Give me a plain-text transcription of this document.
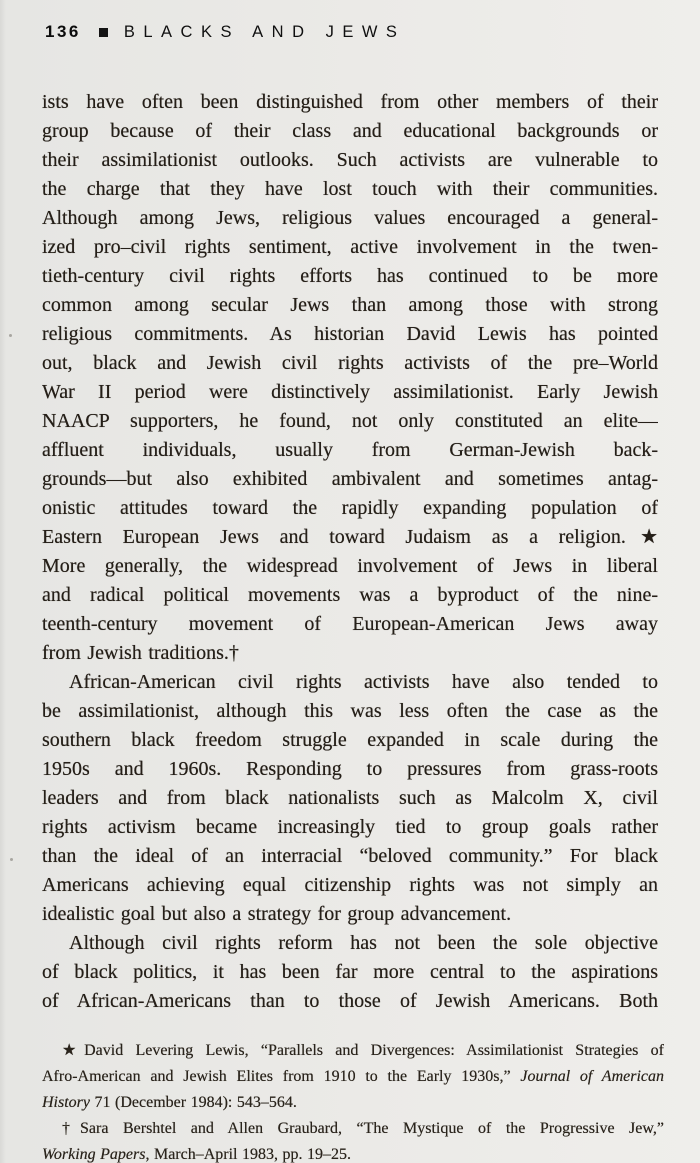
136	BLACKS AND JEWS
ists have often been distinguished from other members of their
group because of their class and educational backgrounds or
their assimilationist outlooks. Such activists are vulnerable to
the charge that they have lost touch with their communities.
Although among Jews, religious values encouraged a general-
ized pro–civil rights sentiment, active involvement in the twen-
tieth-century civil rights efforts has continued to be more
common among secular Jews than among those with strong
religious commitments. As historian David Lewis has pointed
out, black and Jewish civil rights activists of the pre–World
War II period were distinctively assimilationist. Early Jewish
NAACP supporters, he found, not only constituted an elite—
affluent individuals, usually from German-Jewish back-
grounds—but also exhibited ambivalent and sometimes antag-
onistic attitudes toward the rapidly expanding population of
Eastern European Jews and toward Judaism as a religion.★
More generally, the widespread involvement of Jews in liberal
and radical political movements was a byproduct of the nine-
teenth-century movement of European-American Jews away
from Jewish traditions.†
African-American civil rights activists have also tended to
be assimilationist, although this was less often the case as the
southern black freedom struggle expanded in scale during the
1950s and 1960s. Responding to pressures from grass-roots
leaders and from black nationalists such as Malcolm X, civil
rights activism became increasingly tied to group goals rather
than the ideal of an interracial “beloved community.” For black
Americans achieving equal citizenship rights was not simply an
idealistic goal but also a strategy for group advancement.
Although civil rights reform has not been the sole objective
of black politics, it has been far more central to the aspirations
of African-Americans than to those of Jewish Americans. Both
★David Levering Lewis, “Parallels and Divergences: Assimilationist Strategies of
Afro-American and Jewish Elites from 1910 to the Early 1930s,” Journal of American
History 71 (December 1984): 543–564.
†Sara Bershtel and Allen Graubard, “The Mystique of the Progressive Jew,”
Working Papers, March–April 1983, pp. 19–25.
